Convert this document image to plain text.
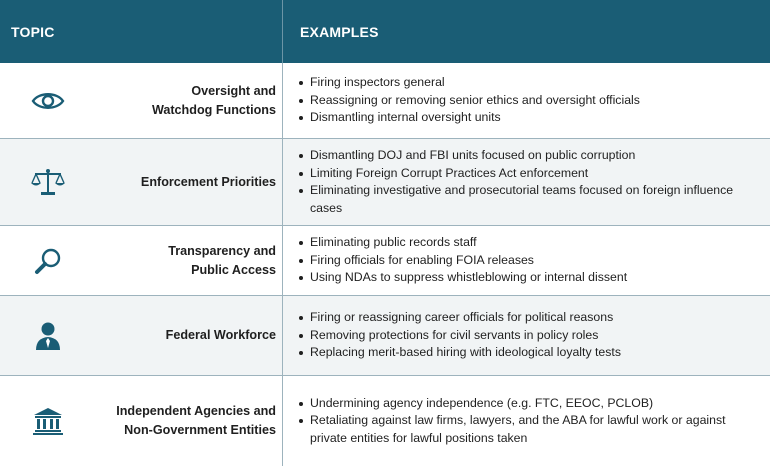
TOPIC	EXAMPLES
Oversight and
Watchdog Functions
Firing inspectors general
Reassigning or removing senior ethics and oversight officials
Dismantling internal oversight units
Enforcement Priorities
Dismantling DOJ and FBI units focused on public corruption
Limiting Foreign Corrupt Practices Act enforcement
Eliminating investigative and prosecutorial teams focused on foreign influence cases
Transparency and
Public Access
Eliminating public records staff
Firing officials for enabling FOIA releases
Using NDAs to suppress whistleblowing or internal dissent
Federal Workforce
Firing or reassigning career officials for political reasons
Removing protections for civil servants in policy roles
Replacing merit-based hiring with ideological loyalty tests
Independent Agencies and
Non-Government Entities
Undermining agency independence (e.g. FTC, EEOC, PCLOB)
Retaliating against law firms, lawyers, and the ABA for lawful work or against private entities for lawful positions taken
